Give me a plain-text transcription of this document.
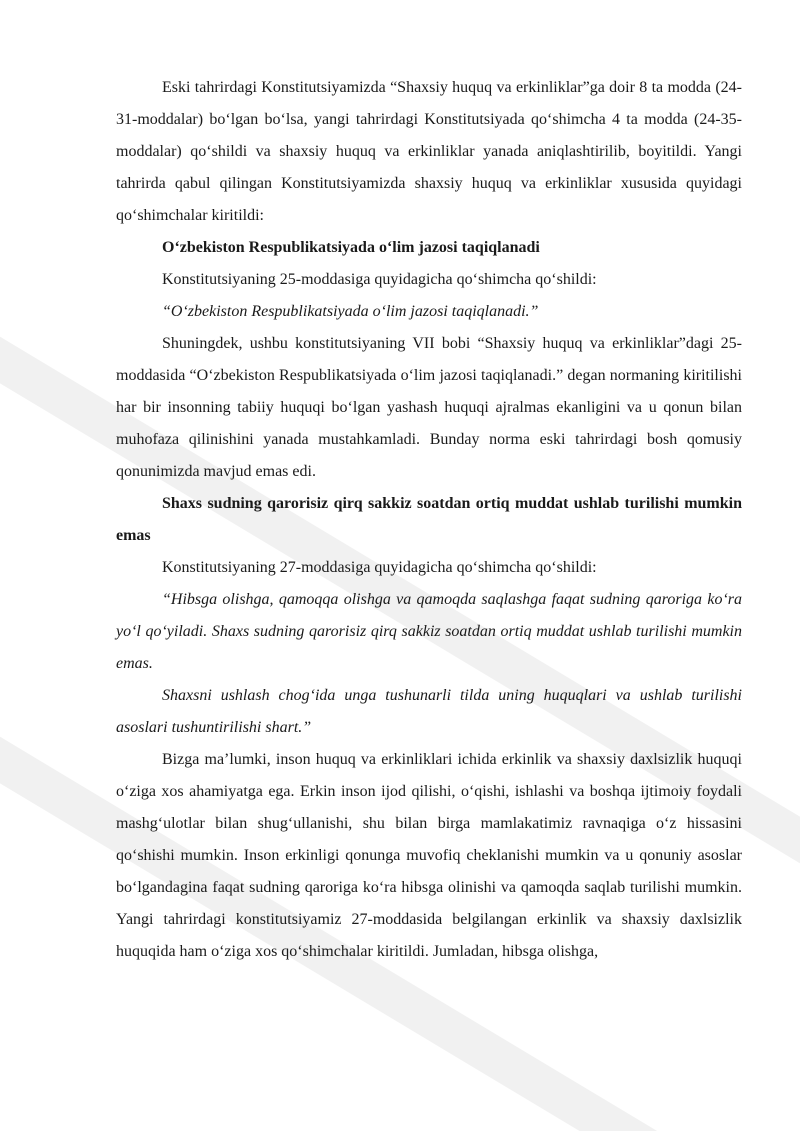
Eski tahrirdagi Konstitutsiyamizda “Shaxsiy huquq va erkinliklar”ga doir 8 ta modda (24-31-moddalar) bo‘lgan bo‘lsa, yangi tahrirdagi Konstitutsiyada qo‘shimcha 4 ta modda (24-35-moddalar) qo‘shildi va shaxsiy huquq va erkinliklar yanada aniqlashtirilib, boyitildi. Yangi tahrirda qabul qilingan Konstitutsiyamizda shaxsiy huquq va erkinliklar xususida quyidagi qo‘shimchalar kiritildi:

O‘zbekiston Respublikatsiyada o‘lim jazosi taqiqlanadi

Konstitutsiyaning 25-moddasiga quyidagicha qo‘shimcha qo‘shildi:

“O‘zbekiston Respublikatsiyada o‘lim jazosi taqiqlanadi.”

Shuningdek, ushbu konstitutsiyaning VII bobi “Shaxsiy huquq va erkinliklar”dagi 25-moddasida “O‘zbekiston Respublikatsiyada o‘lim jazosi taqiqlanadi.” degan normaning kiritilishi har bir insonning tabiiy huquqi bo‘lgan yashash huquqi ajralmas ekanligini va u qonun bilan muhofaza qilinishini yanada mustahkamladi. Bunday norma eski tahrirdagi bosh qomusiy qonunimizda mavjud emas edi.

Shaxs sudning qarorisiz qirq sakkiz soatdan ortiq muddat ushlab turilishi mumkin emas

Konstitutsiyaning 27-moddasiga quyidagicha qo‘shimcha qo‘shildi:

“Hibsga olishga, qamoqqa olishga va qamoqda saqlashga faqat sudning qaroriga ko‘ra yo‘l qo‘yiladi. Shaxs sudning qarorisiz qirq sakkiz soatdan ortiq muddat ushlab turilishi mumkin emas.

Shaxsni ushlash chog‘ida unga tushunarli tilda uning huquqlari va ushlab turilishi asoslari tushuntirilishi shart.”

Bizga ma’lumki, inson huquq va erkinliklari ichida erkinlik va shaxsiy daxlsizlik huquqi o‘ziga xos ahamiyatga ega. Erkin inson ijod qilishi, o‘qishi, ishlashi va boshqa ijtimoiy foydali mashg‘ulotlar bilan shug‘ullanishi, shu bilan birga mamlakatimiz ravnaqiga o‘z hissasini qo‘shishi mumkin. Inson erkinligi qonunga muvofiq cheklanishi mumkin va u qonuniy asoslar bo‘lgandagina faqat sudning qaroriga ko‘ra hibsga olinishi va qamoqda saqlab turilishi mumkin. Yangi tahrirdagi konstitutsiyamiz 27-moddasida belgilangan erkinlik va shaxsiy daxlsizlik huquqida ham o‘ziga xos qo‘shimchalar kiritildi. Jumladan, hibsga olishga,
